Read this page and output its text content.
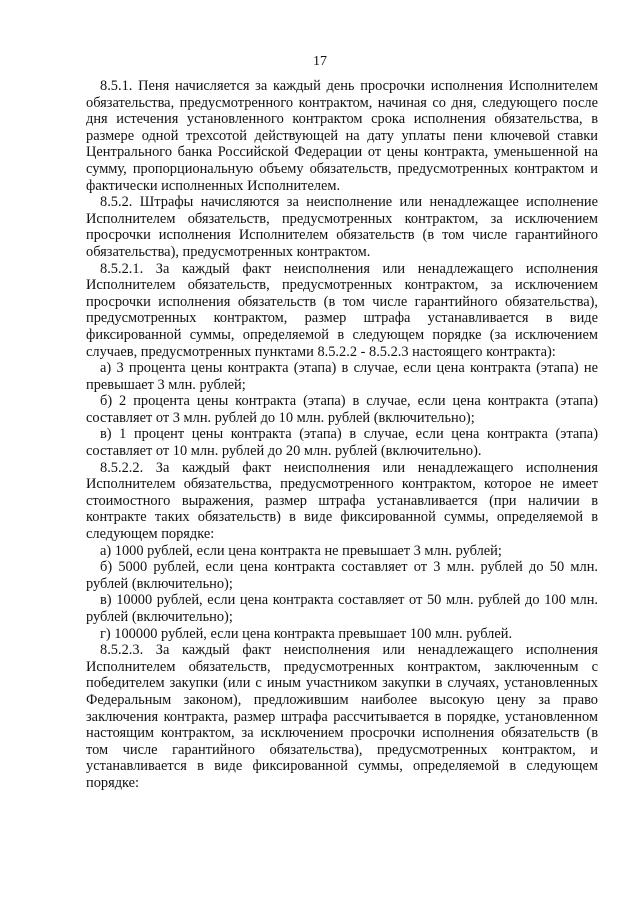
17

8.5.1. Пеня начисляется за каждый день просрочки исполнения Исполнителем обязательства, предусмотренного контрактом, начиная со дня, следующего после дня истечения установленного контрактом срока исполнения обязательства, в размере одной трехсотой действующей на дату уплаты пени ключевой ставки Центрального банка Российской Федерации от цены контракта, уменьшенной на сумму, пропорциональную объему обязательств, предусмотренных контрактом и фактически исполненных Исполнителем.

8.5.2. Штрафы начисляются за неисполнение или ненадлежащее исполнение Исполнителем обязательств, предусмотренных контрактом, за исключением просрочки исполнения Исполнителем обязательств (в том числе гарантийного обязательства), предусмотренных контрактом.

8.5.2.1. За каждый факт неисполнения или ненадлежащего исполнения Исполнителем обязательств, предусмотренных контрактом, за исключением просрочки исполнения обязательств (в том числе гарантийного обязательства), предусмотренных контрактом, размер штрафа устанавливается в виде фиксированной суммы, определяемой в следующем порядке (за исключением случаев, предусмотренных пунктами 8.5.2.2 - 8.5.2.3 настоящего контракта):

а) 3 процента цены контракта (этапа) в случае, если цена контракта (этапа) не превышает 3 млн. рублей;

б) 2 процента цены контракта (этапа) в случае, если цена контракта (этапа) составляет от 3 млн. рублей до 10 млн. рублей (включительно);

в) 1 процент цены контракта (этапа) в случае, если цена контракта (этапа) составляет от 10 млн. рублей до 20 млн. рублей (включительно).

8.5.2.2. За каждый факт неисполнения или ненадлежащего исполнения Исполнителем обязательства, предусмотренного контрактом, которое не имеет стоимостного выражения, размер штрафа устанавливается (при наличии в контракте таких обязательств) в виде фиксированной суммы, определяемой в следующем порядке:

а) 1000 рублей, если цена контракта не превышает 3 млн. рублей;

б) 5000 рублей, если цена контракта составляет от 3 млн. рублей до 50 млн. рублей (включительно);

в) 10000 рублей, если цена контракта составляет от 50 млн. рублей до 100 млн. рублей (включительно);

г) 100000 рублей, если цена контракта превышает 100 млн. рублей.

8.5.2.3. За каждый факт неисполнения или ненадлежащего исполнения Исполнителем обязательств, предусмотренных контрактом, заключенным с победителем закупки (или с иным участником закупки в случаях, установленных Федеральным законом), предложившим наиболее высокую цену за право заключения контракта, размер штрафа рассчитывается в порядке, установленном настоящим контрактом, за исключением просрочки исполнения обязательств (в том числе гарантийного обязательства), предусмотренных контрактом, и устанавливается в виде фиксированной суммы, определяемой в следующем порядке:
